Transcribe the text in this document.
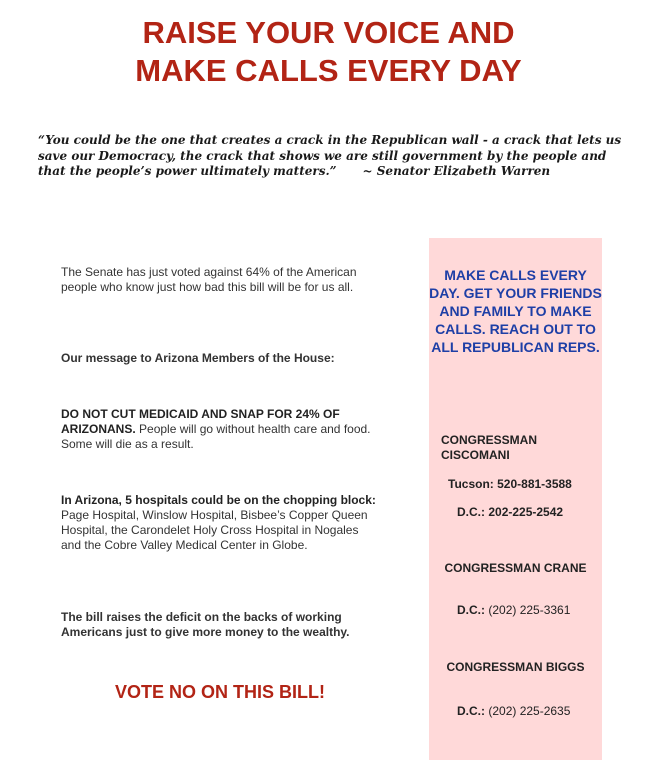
RAISE YOUR VOICE AND
MAKE CALLS EVERY DAY

“You could be the one that creates a crack in the Republican wall - a crack that lets us save our Democracy, the crack that shows we are still government by the people and that the people’s power ultimately matters.” ~ Senator Elizabeth Warren

The Senate has just voted against 64% of the American people who know just how bad this bill will be for us all.

Our message to Arizona Members of the House:

DO NOT CUT MEDICAID AND SNAP FOR 24% OF ARIZONANS. People will go without health care and food. Some will die as a result.

In Arizona, 5 hospitals could be on the chopping block: Page Hospital, Winslow Hospital, Bisbee’s Copper Queen Hospital, the Carondelet Holy Cross Hospital in Nogales and the Cobre Valley Medical Center in Globe.

The bill raises the deficit on the backs of working Americans just to give more money to the wealthy.

VOTE NO ON THIS BILL!

MAKE CALLS EVERY DAY. GET YOUR FRIENDS AND FAMILY TO MAKE CALLS. REACH OUT TO ALL REPUBLICAN REPS.

CONGRESSMAN CISCOMANI

Tucson: 520-881-3588

D.C.: 202-225-2542

CONGRESSMAN CRANE

D.C.: (202) 225-3361

CONGRESSMAN BIGGS

D.C.: (202) 225-2635
